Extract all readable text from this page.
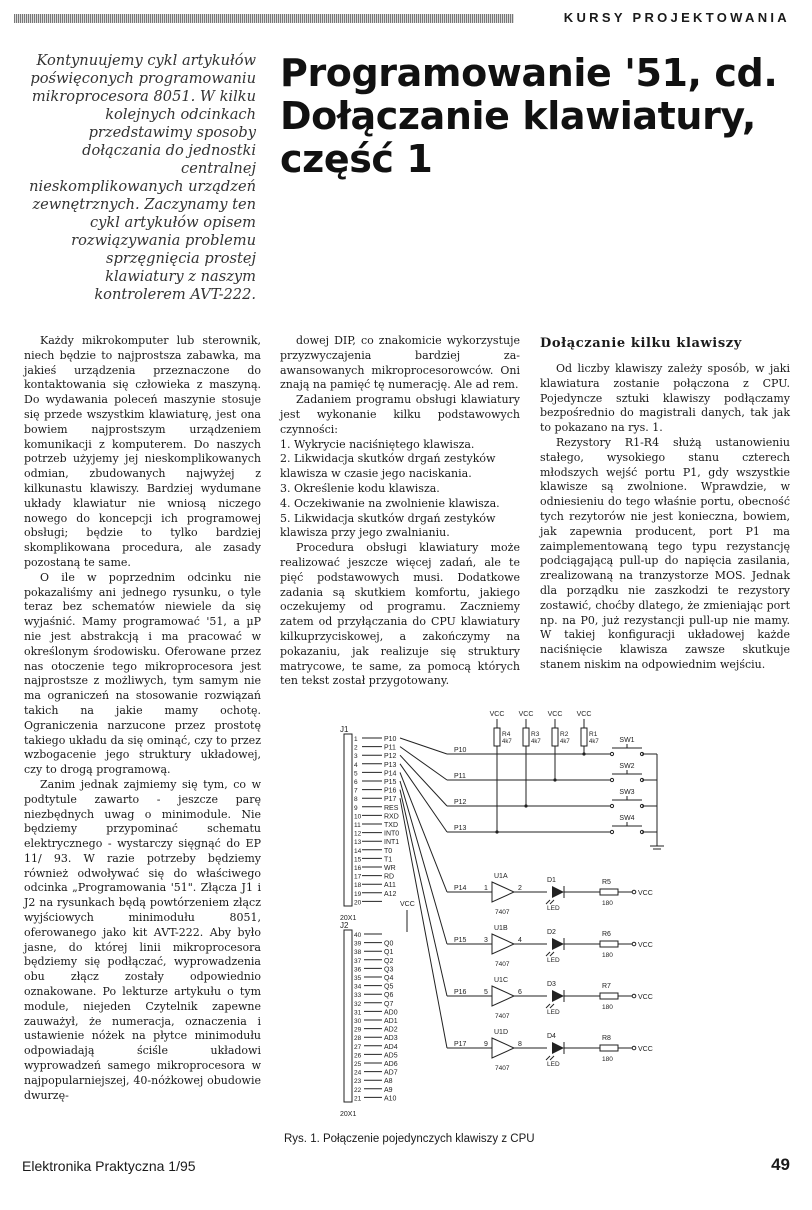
KURSY PROJEKTOWANIA
Kontynuujemy cykl artykułów poświęconych programowaniu mikroprocesora 8051. W kilku kolejnych odcinkach przedstawimy sposoby dołączania do jednostki centralnej nieskomplikowanych urządzeń zewnętrznych. Zaczynamy ten cykl artykułów opisem rozwiązywania problemu sprzęgnięcia prostej klawiatury z naszym kontrolerem AVT-222.
Programowanie '51, cd.
Dołączanie klawiatury,
część 1

Każdy mikrokomputer lub sterownik, niech będzie to najprostsza zabawka, ma jakieś urządzenia przeznaczone do kontaktowania się człowieka z maszyną. Do wydawania poleceń maszynie stosuje się przede wszystkim klawiaturę, jest ona bowiem najprostszym urządzeniem komunikacji z komputerem. Do naszych potrzeb użyjemy jej nieskomplikowanych odmian, zbudowanych najwyżej z kilkunastu klawiszy. Bardziej wydumane układy klawiatur nie wniosą niczego nowego do koncepcji ich programowej obsługi; będzie to tylko bardziej skomplikowana procedura, ale zasady pozostaną te same.

O ile w poprzednim odcinku nie pokazaliśmy ani jednego rysunku, o tyle teraz bez schematów niewiele da się wyjaśnić. Mamy programować '51, a µP nie jest abstrakcją i ma pracować w określonym środowisku. Oferowane przez nas otoczenie tego mikroprocesora jest najprostsze z możliwych, tym samym nie ma ograniczeń na stosowanie rozwiązań takich na jakie mamy ochotę. Ograniczenia narzucone przez prostotę takiego układu da się ominąć, czy to przez wzbogacenie jego struktury układowej, czy to drogą programową.

Zanim jednak zajmiemy się tym, co w podtytule zawarto - jeszcze parę niezbędnych uwag o minimodule. Nie będziemy przypominać schematu elektrycznego - wystarczy sięgnąć do EP 11/ 93. W razie potrzeby będziemy również odwoływać się do właściwego odcinka „Programowania '51". Złącza J1 i J2 na rysunkach będą powtórzeniem złącz wyjściowych minimodułu 8051, oferowanego jako kit AVT-222. Aby było jasne, do której linii mikroprocesora będziemy się podłączać, wyprowadzenia obu złącz zostały odpowiednio oznakowane. Po lekturze artykułu o tym module, niejeden Czytelnik zapewne zauważył, że numeracja, oznaczenia i ustawienie nóżek na płytce minimodułu odpowiadają ściśle układowi wyprowadzeń samego mikroprocesora w najpopularniejszej, 40-nóżkowej obudowie dwurzę-

dowej DIP, co znakomicie wykorzystuje przyzwyczajenia bardziej za-awansowanych mikroprocesorowców. Oni znają na pamięć tę numerację. Ale ad rem.

Zadaniem programu obsługi klawiatury jest wykonanie kilku podstawowych czynności:

1. Wykrycie naciśniętego klawisza.
2. Likwidacja skutków drgań zestyków klawisza w czasie jego naciskania.
3. Określenie kodu klawisza.
4. Oczekiwanie na zwolnienie klawisza.
5. Likwidacja skutków drgań zestyków klawisza przy jego zwalnianiu.

Procedura obsługi klawiatury może realizować jeszcze więcej zadań, ale te pięć podstawowych musi. Dodatkowe zadania są skutkiem komfortu, jakiego oczekujemy od programu. Zaczniemy zatem od przyłączania do CPU klawiatury kilkuprzyciskowej, a zakończymy na pokazaniu, jak realizuje się struktury matrycowe, te same, za pomocą których ten tekst został przygotowany.

Dołączanie kilku klawiszy

Od liczby klawiszy zależy sposób, w jaki klawiatura zostanie połączona z CPU. Pojedyncze sztuki klawiszy podłączamy bezpośrednio do magistrali danych, tak jak to pokazano na rys. 1.

Rezystory R1-R4 służą ustanowieniu stałego, wysokiego stanu czterech młodszych wejść portu P1, gdy wszystkie klawisze są zwolnione. Wprawdzie, w odniesieniu do tego właśnie portu, obecność tych rezytorów nie jest konieczna, bowiem, jak zapewnia producent, port P1 ma zaimplementowaną tego typu rezystancję podciągającą pull-up do napięcia zasilania, zrealizowaną na tranzystorze MOS. Jednak dla porządku nie zaszkodzi te rezystory zostawić, choćby dlatego, że zmieniając port np. na P0, już rezystancji pull-up nie mamy. W takiej konfiguracji układowej każde naciśnięcie klawisza zawsze skutkuje stanem niskim na odpowiednim wejściu.

J1
1	P10
2	P11
3	P12
4	P13
5	P14
6	P15
7	P16
8	P17
9	RES
10	RXD
11	TXD
12	INT0
13	INT1
14	T0
15	T1
16	WR
17	RD
18	A11
19	A12
20
20X1
J2
40
39	Q0
38	Q1
37	Q2
36	Q3
35	Q4
34	Q5
33	Q6
32	Q7
31	AD0
30	AD1
29	AD2
28	AD3
27	AD4
26	AD5
25	AD6
24	AD7
23	A8
22	A9
21	A10
20X1
VCC
VCC
R4
4k7
VCC
R3
4k7
VCC
R2
4k7
VCC
R1
4k7
P10
SW1
P11
SW2
P12
SW3
P13
SW4
P14	1
U1A
7407
2
D1
LED
R5
180
VCC
P15	3
U1B
7407
4
D2
LED
R6
180
VCC
P16	5
U1C
7407
6
D3
LED
R7
180
VCC
P17	9
U1D
7407
8
D4
LED
R8
180
VCC
Rys. 1. Połączenie pojedynczych klawiszy z CPU
Elektronika Praktyczna 1/95	49
